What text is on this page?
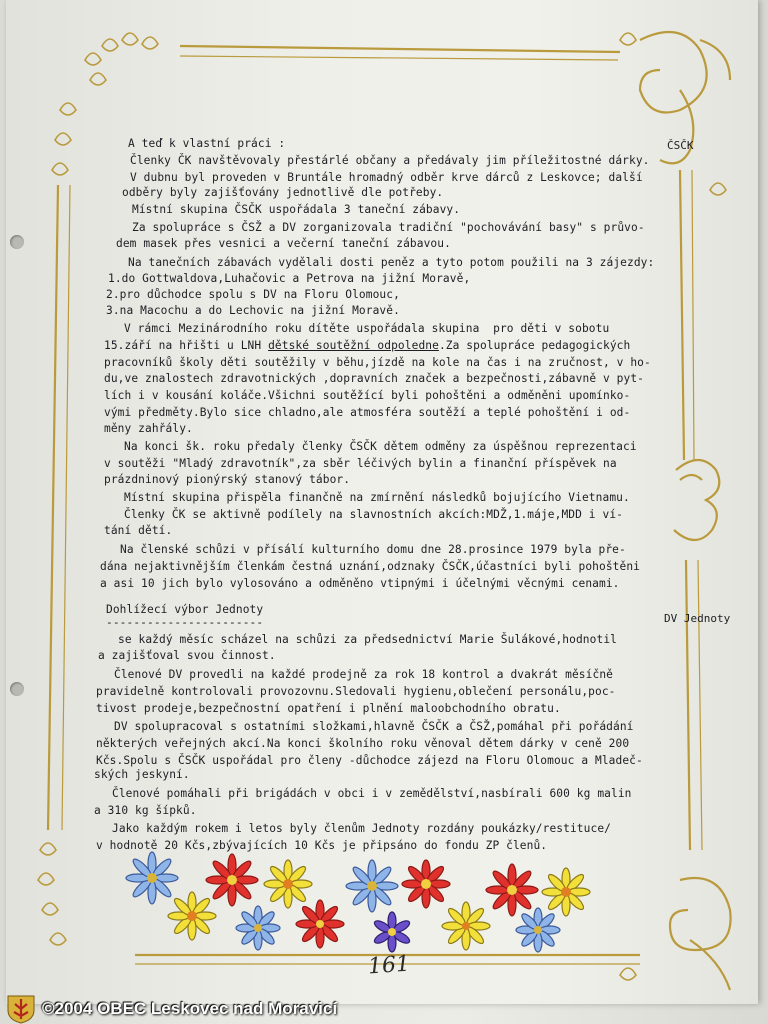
A teď k vlastní práci :
Členky ČK navštěvovaly přestárlé občany a předávaly jim příležitostné dárky.
V dubnu byl proveden v Bruntále hromadný odběr krve dárců z Leskovce; další
odběry byly zajišťovány jednotlivě dle potřeby.
Místní skupina ČSČK uspořádala 3 taneční zábavy.
Za spolupráce s ČSŽ a DV zorganizovala tradiční "pochovávání basy" s průvo-
dem masek přes vesnici a večerní taneční zábavou.
Na tanečních zábavách vydělali dosti peněz a tyto potom použili na 3 zájezdy:
1.do Gottwaldova,Luhačovic a Petrova na jižní Moravě,
2.pro důchodce spolu s DV na Floru Olomouc,
3.na Macochu a do Lechovic na jižní Moravě.
V rámci Mezinárodního roku dítěte uspořádala skupina  pro děti v sobotu
15.září na hřišti u LNH dětské soutěžní odpoledne.Za spolupráce pedagogických
pracovníků školy děti soutěžily v běhu,jízdě na kole na čas i na zručnost, v ho-
du,ve znalostech zdravotnických ,dopravních značek a bezpečnosti,zábavně v pyt-
lích i v kousání koláče.Všichni soutěžící byli pohoštěni a odměněni upomínko-
vými předměty.Bylo sice chladno,ale atmosféra soutěží a teplé pohoštění i od-
měny zahřály.
Na konci šk. roku předaly členky ČSČK dětem odměny za úspěšnou reprezentaci
v soutěži "Mladý zdravotník",za sběr léčivých bylin a finanční příspěvek na
prázdninový pionýrský stanový tábor.
Místní skupina přispěla finančně na zmírnění následků bojujícího Vietnamu.
Členky ČK se aktivně podílely na slavnostních akcích:MDŽ,1.máje,MDD i ví-
tání dětí.
Na členské schůzi v přísálí kulturního domu dne 28.prosince 1979 byla pře-
dána nejaktivnějším členkám čestná uznání,odznaky ČSČK,účastníci byli pohoštěni
a asi 10 jich bylo vylosováno a odměněno vtipnými i účelnými věcnými cenami.
Dohlížecí výbor Jednoty
-----------------------
se každý měsíc scházel na schůzi za předsednictví Marie Šulákové,hodnotil
a zajišťoval svou činnost.
Členové DV provedli na každé prodejně za rok 18 kontrol a dvakrát měsíčně
pravidelně kontrolovali provozovnu.Sledovali hygienu,oblečení personálu,poc-
tivost prodeje,bezpečnostní opatření i plnění maloobchodního obratu.
DV spolupracoval s ostatními složkami,hlavně ČSČK a ČSŽ,pomáhal při pořádání
některých veřejných akcí.Na konci školního roku věnoval dětem dárky v ceně 200
Kčs.Spolu s ČSČK uspořádal pro členy -důchodce zájezd na Floru Olomouc a Mladeč-
ských jeskyní.
Členové pomáhali při brigádách v obci i v zemědělství,nasbírali 600 kg malin
a 310 kg šípků.
Jako každým rokem i letos byly členům Jednoty rozdány poukázky/restituce/
v hodnotě 20 Kčs,zbývajících 10 Kčs je připsáno do fondu ZP členů.
ČSČK
DV Jednoty
161
©2004 OBEC Leskovec nad Moravicí
